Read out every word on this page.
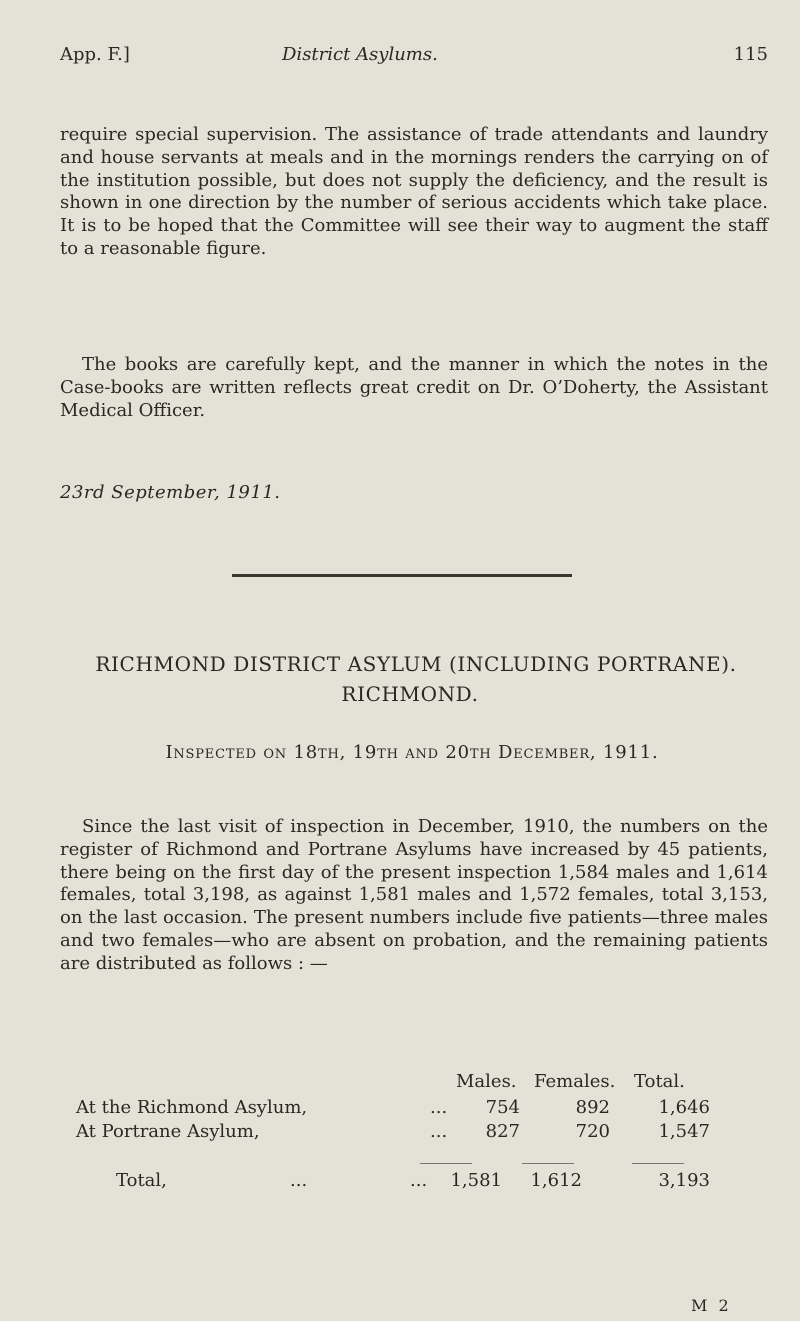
App. F.]	District Asylums.	115

require special supervision. The assistance of trade attendants and laundry and house servants at meals and in the mornings renders the carrying on of the institution possible, but does not supply the deficiency, and the result is shown in one direction by the number of serious accidents which take place. It is to be hoped that the Committee will see their way to augment the staff to a reasonable figure.

The books are carefully kept, and the manner in which the notes in the Case-books are written reflects great credit on Dr. O’Doherty, the Assistant Medical Officer.

23rd September, 1911.
RICHMOND DISTRICT ASYLUM (INCLUDING PORTRANE).
RICHMOND.
Inspected on 18th, 19th and 20th December, 1911.

Since the last visit of inspection in December, 1910, the numbers on the register of Richmond and Portrane Asylums have increased by 45 patients, there being on the first day of the present inspection 1,584 males and 1,614 females, total 3,198, as against 1,581 males and 1,572 females, total 3,153, on the last occasion. The present numbers include five patients—three males and two females—who are absent on probation, and the remaining patients are distributed as follows : —

Males. Females. Total.
At the Richmond Asylum,	...	754	892	1,646
At Portrane Asylum,	...	827	720	1,547
Total,	...	...	1,581	1,612	3,193
M 2
